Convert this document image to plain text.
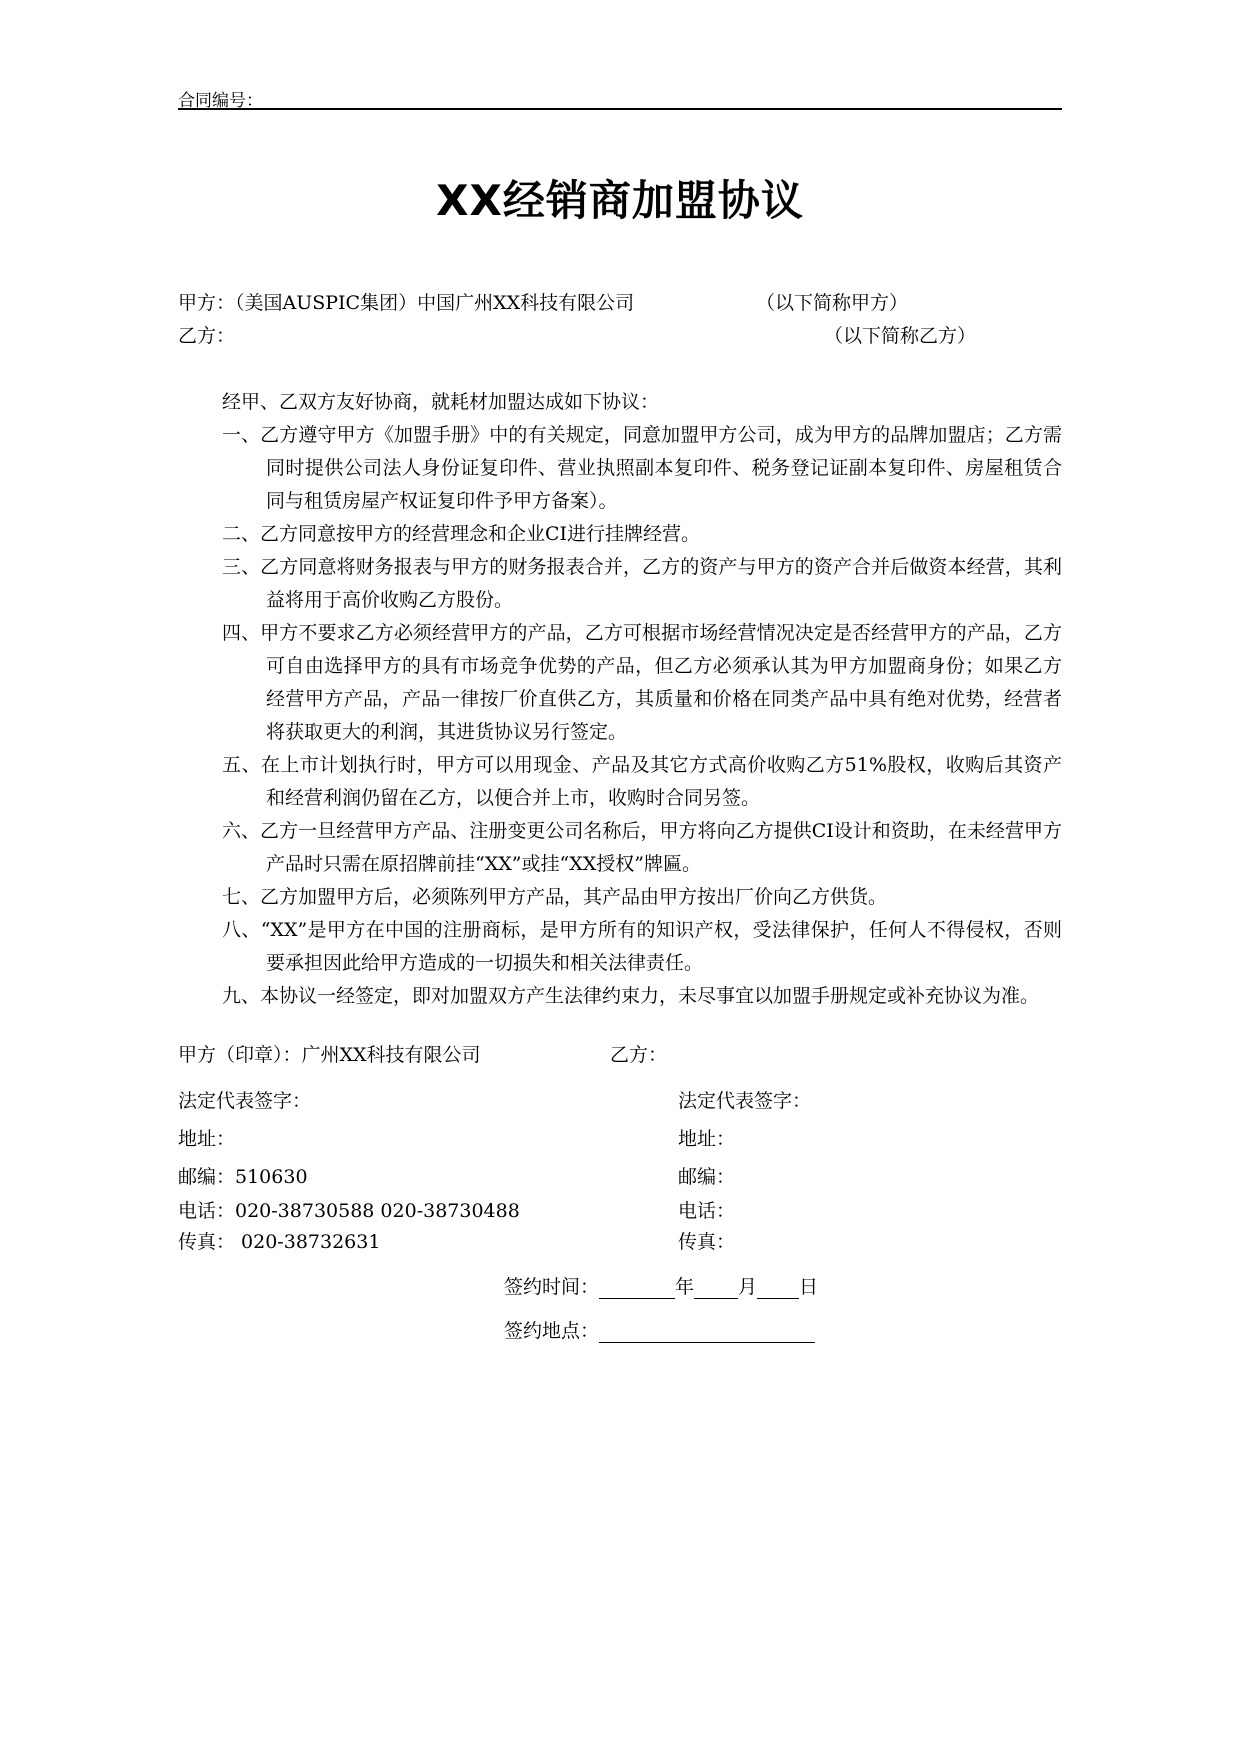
合同编号：
XX经销商加盟协议
甲方：（美国AUSPIC集团）中国广州XX科技有限公司	（以下简称甲方）
乙方：	（以下简称乙方）
经甲、乙双方友好协商，就耗材加盟达成如下协议：
一、乙方遵守甲方《加盟手册》中的有关规定，同意加盟甲方公司，成为甲方的品牌加盟店；乙方需同时提供公司法人身份证复印件、营业执照副本复印件、税务登记证副本复印件、房屋租赁合同与租赁房屋产权证复印件予甲方备案）。
二、乙方同意按甲方的经营理念和企业CI进行挂牌经营。
三、乙方同意将财务报表与甲方的财务报表合并，乙方的资产与甲方的资产合并后做资本经营，其利益将用于高价收购乙方股份。
四、甲方不要求乙方必须经营甲方的产品，乙方可根据市场经营情况决定是否经营甲方的产品，乙方可自由选择甲方的具有市场竞争优势的产品，但乙方必须承认其为甲方加盟商身份；如果乙方经营甲方产品，产品一律按厂价直供乙方，其质量和价格在同类产品中具有绝对优势，经营者将获取更大的利润，其进货协议另行签定。
五、在上市计划执行时，甲方可以用现金、产品及其它方式高价收购乙方51%股权，收购后其资产和经营利润仍留在乙方，以便合并上市，收购时合同另签。
六、乙方一旦经营甲方产品、注册变更公司名称后，甲方将向乙方提供CI设计和资助，在未经营甲方产品时只需在原招牌前挂“XX”或挂“XX授权”牌匾。
七、乙方加盟甲方后，必须陈列甲方产品，其产品由甲方按出厂价向乙方供货。
八、“XX”是甲方在中国的注册商标，是甲方所有的知识产权，受法律保护，任何人不得侵权，否则要承担因此给甲方造成的一切损失和相关法律责任。
九、本协议一经签定，即对加盟双方产生法律约束力，未尽事宜以加盟手册规定或补充协议为准。
甲方（印章）：广州XX科技有限公司	乙方：
法定代表签字：	法定代表签字：
地址：	地址：
邮编：510630	邮编：
电话：020-38730588 020-38730488	电话：
传真： 020-38732631	传真：
签约时间：	年 月 日
签约地点：
